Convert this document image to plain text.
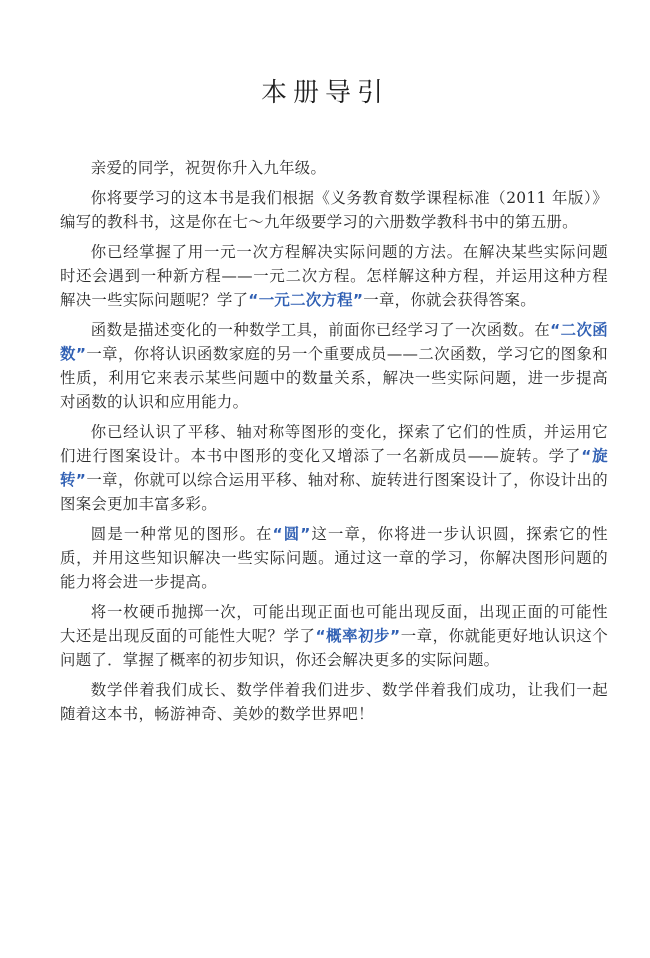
本册导引

亲爱的同学，祝贺你升入九年级。

你将要学习的这本书是我们根据《义务教育数学课程标准（2011 年版）》编写的教科书，这是你在七～九年级要学习的六册数学教科书中的第五册。

你已经掌握了用一元一次方程解决实际问题的方法。在解决某些实际问题时还会遇到一种新方程——一元二次方程。怎样解这种方程，并运用这种方程解决一些实际问题呢？学了“一元二次方程”一章，你就会获得答案。

函数是描述变化的一种数学工具，前面你已经学习了一次函数。在“二次函数”一章，你将认识函数家庭的另一个重要成员——二次函数，学习它的图象和性质，利用它来表示某些问题中的数量关系，解决一些实际问题，进一步提高对函数的认识和应用能力。

你已经认识了平移、轴对称等图形的变化，探索了它们的性质，并运用它们进行图案设计。本书中图形的变化又增添了一名新成员——旋转。学了“旋转”一章，你就可以综合运用平移、轴对称、旋转进行图案设计了，你设计出的图案会更加丰富多彩。

圆是一种常见的图形。在“圆”这一章，你将进一步认识圆，探索它的性质，并用这些知识解决一些实际问题。通过这一章的学习，你解决图形问题的能力将会进一步提高。

将一枚硬币抛掷一次，可能出现正面也可能出现反面，出现正面的可能性大还是出现反面的可能性大呢？学了“概率初步”一章，你就能更好地认识这个问题了．掌握了概率的初步知识，你还会解决更多的实际问题。

数学伴着我们成长、数学伴着我们进步、数学伴着我们成功，让我们一起随着这本书，畅游神奇、美妙的数学世界吧！
